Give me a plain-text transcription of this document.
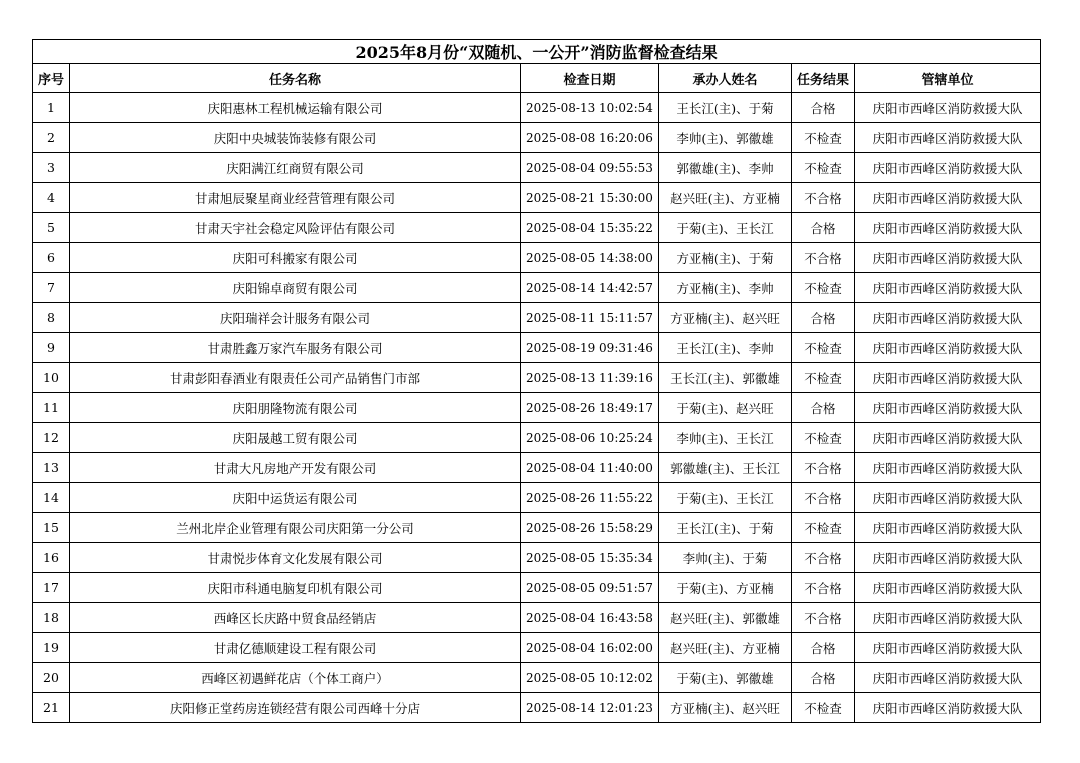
2025年8月份“双随机、一公开”消防监督检查结果					
序号	任务名称	检查日期	承办人姓名	任务结果	管辖单位
1	庆阳惠林工程机械运输有限公司	2025-08-13 10:02:54	王长江(主)、于菊	合格	庆阳市西峰区消防救援大队
2	庆阳中央城装饰装修有限公司	2025-08-08 16:20:06	李帅(主)、郭徽雄	不检查	庆阳市西峰区消防救援大队
3	庆阳满江红商贸有限公司	2025-08-04 09:55:53	郭徽雄(主)、李帅	不检查	庆阳市西峰区消防救援大队
4	甘肃旭辰聚星商业经营管理有限公司	2025-08-21 15:30:00	赵兴旺(主)、方亚楠	不合格	庆阳市西峰区消防救援大队
5	甘肃天宇社会稳定风险评估有限公司	2025-08-04 15:35:22	于菊(主)、王长江	合格	庆阳市西峰区消防救援大队
6	庆阳可科搬家有限公司	2025-08-05 14:38:00	方亚楠(主)、于菊	不合格	庆阳市西峰区消防救援大队
7	庆阳锦卓商贸有限公司	2025-08-14 14:42:57	方亚楠(主)、李帅	不检查	庆阳市西峰区消防救援大队
8	庆阳瑞祥会计服务有限公司	2025-08-11 15:11:57	方亚楠(主)、赵兴旺	合格	庆阳市西峰区消防救援大队
9	甘肃胜鑫万家汽车服务有限公司	2025-08-19 09:31:46	王长江(主)、李帅	不检查	庆阳市西峰区消防救援大队
10	甘肃彭阳春酒业有限责任公司产品销售门市部	2025-08-13 11:39:16	王长江(主)、郭徽雄	不检查	庆阳市西峰区消防救援大队
11	庆阳朋隆物流有限公司	2025-08-26 18:49:17	于菊(主)、赵兴旺	合格	庆阳市西峰区消防救援大队
12	庆阳晟越工贸有限公司	2025-08-06 10:25:24	李帅(主)、王长江	不检查	庆阳市西峰区消防救援大队
13	甘肃大凡房地产开发有限公司	2025-08-04 11:40:00	郭徽雄(主)、王长江	不合格	庆阳市西峰区消防救援大队
14	庆阳中运货运有限公司	2025-08-26 11:55:22	于菊(主)、王长江	不合格	庆阳市西峰区消防救援大队
15	兰州北岸企业管理有限公司庆阳第一分公司	2025-08-26 15:58:29	王长江(主)、于菊	不检查	庆阳市西峰区消防救援大队
16	甘肃悦步体育文化发展有限公司	2025-08-05 15:35:34	李帅(主)、于菊	不合格	庆阳市西峰区消防救援大队
17	庆阳市科通电脑复印机有限公司	2025-08-05 09:51:57	于菊(主)、方亚楠	不合格	庆阳市西峰区消防救援大队
18	西峰区长庆路中贸食品经销店	2025-08-04 16:43:58	赵兴旺(主)、郭徽雄	不合格	庆阳市西峰区消防救援大队
19	甘肃亿德顺建设工程有限公司	2025-08-04 16:02:00	赵兴旺(主)、方亚楠	合格	庆阳市西峰区消防救援大队
20	西峰区初遇鲜花店（个体工商户）	2025-08-05 10:12:02	于菊(主)、郭徽雄	合格	庆阳市西峰区消防救援大队
21	庆阳修正堂药房连锁经营有限公司西峰十分店	2025-08-14 12:01:23	方亚楠(主)、赵兴旺	不检查	庆阳市西峰区消防救援大队
